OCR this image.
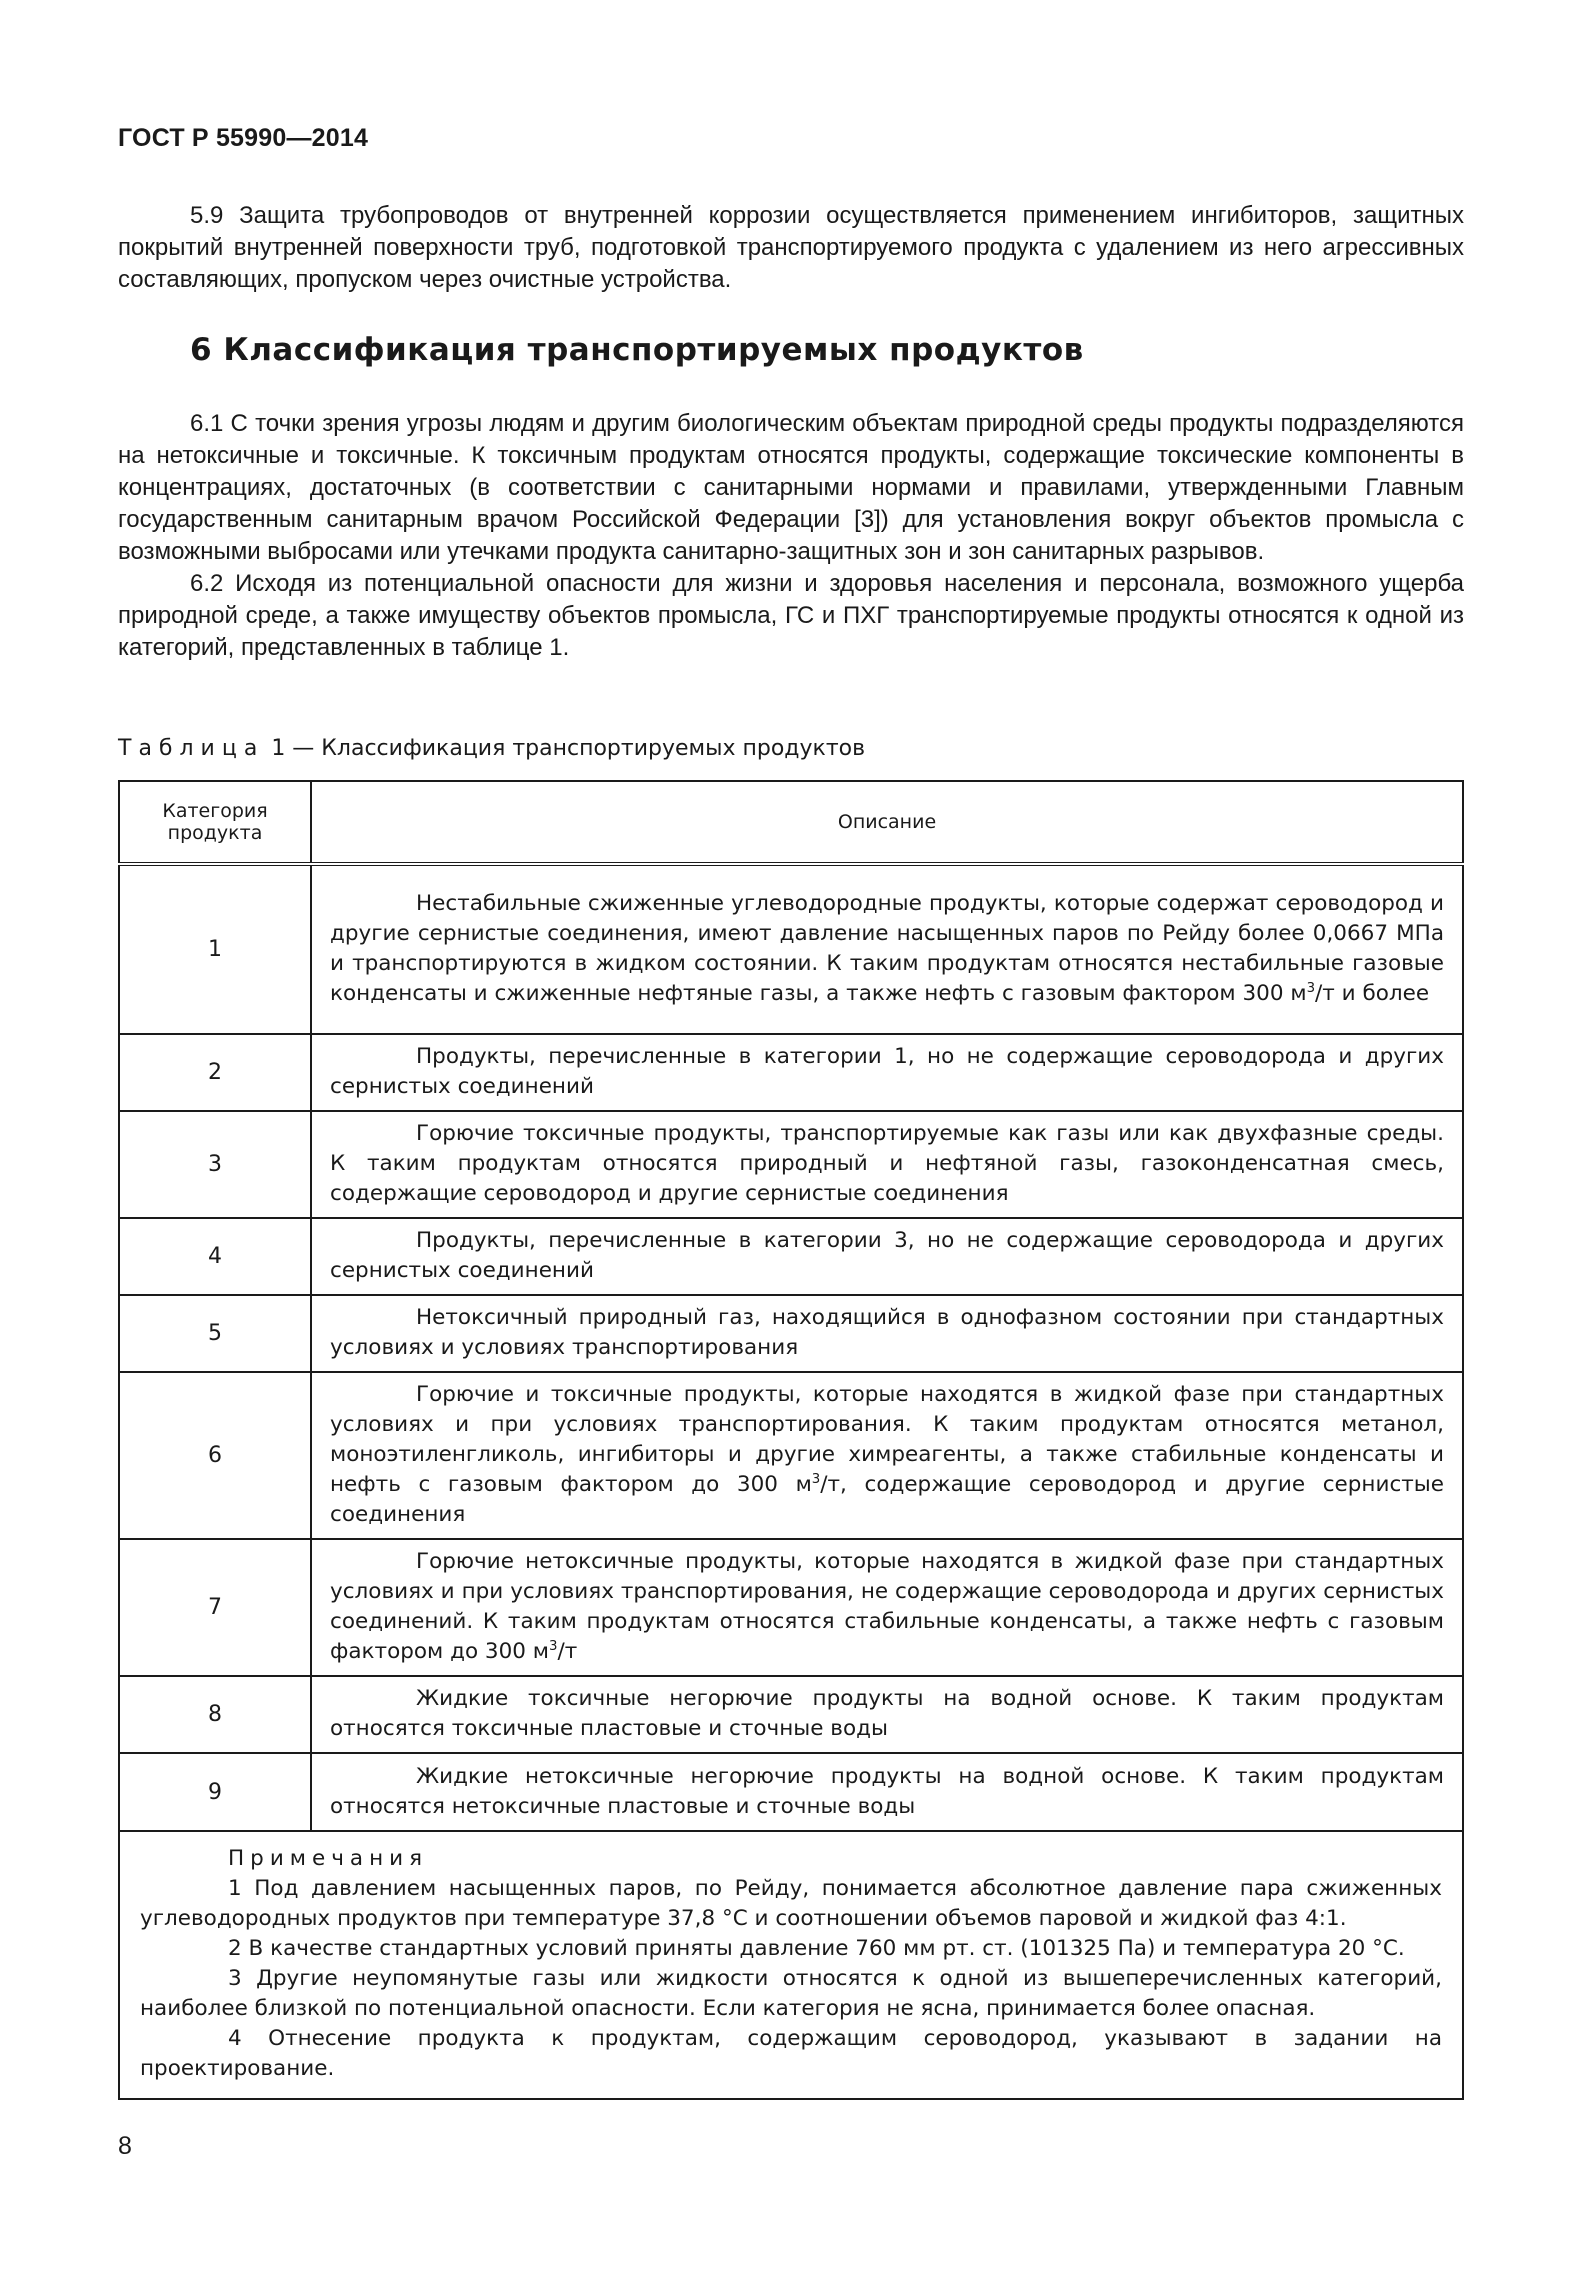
ГОСТ Р 55990—2014

5.9 Защита трубопроводов от внутренней коррозии осуществляется применением ингибиторов, защитных покрытий внутренней поверхности труб, подготовкой транспортируемого продукта с удалением из него агрессивных составляющих, пропуском через очистные устройства.

6 Классификация транспортируемых продуктов

6.1 С точки зрения угрозы людям и другим биологическим объектам природной среды продукты подразделяются на нетоксичные и токсичные. К токсичным продуктам относятся продукты, содержащие токсические компоненты в концентрациях, достаточных (в соответствии с санитарными нормами и правилами, утвержденными Главным государственным санитарным врачом Российской Федерации [3]) для установления вокруг объектов промысла с возможными выбросами или утечками продукта санитарно-защитных зон и зон санитарных разрывов.

6.2 Исходя из потенциальной опасности для жизни и здоровья населения и персонала, возможного ущерба природной среде, а также имуществу объектов промысла, ГС и ПХГ транспортируемые продукты относятся к одной из категорий, представленных в таблице 1.

Таблица 1 — Классификация транспортируемых продуктов
Категория продукта	Описание
1	Нестабильные сжиженные углеводородные продукты, которые содержат сероводород и другие сернистые соединения, имеют давление насыщенных паров по Рейду более 0,0667 МПа и транспортируются в жидком состоянии. К таким продуктам относятся нестабильные газовые конденсаты и сжиженные нефтяные газы, а также нефть с газовым фактором 300 $м^3/т$ и более

2	Продукты, перечисленные в категории 1, но не содержащие сероводорода и других сернистых соединений

3	Горючие токсичные продукты, транспортируемые как газы или как двухфазные среды. К таким продуктам относятся природный и нефтяной газы, газоконденсатная смесь, содержащие сероводород и другие сернистые соединения

4	Продукты, перечисленные в категории 3, но не содержащие сероводорода и других сернистых соединений

5	Нетоксичный природный газ, находящийся в однофазном состоянии при стандартных условиях и условиях транспортирования

6	Горючие и токсичные продукты, которые находятся в жидкой фазе при стандартных условиях и при условиях транспортирования. К таким продуктам относятся метанол, моноэтиленгликоль, ингибиторы и другие химреагенты, а также стабильные конденсаты и нефть с газовым фактором до 300 $м^3/т$, содержащие сероводород и другие сернистые соединения

7	Горючие нетоксичные продукты, которые находятся в жидкой фазе при стандартных условиях и при условиях транспортирования, не содержащие сероводорода и других сернистых соединений. К таким продуктам относятся стабильные конденсаты, а также нефть с газовым фактором до 300 $м^3/т$

8	Жидкие токсичные негорючие продукты на водной основе. К таким продуктам относятся токсичные пластовые и сточные воды

9	Жидкие нетоксичные негорючие продукты на водной основе. К таким продуктам относятся нетоксичные пластовые и сточные воды

Примечания
1 Под давлением насыщенных паров, по Рейду, понимается абсолютное давление пара сжиженных углеводородных продуктов при температуре 37,8 °С и соотношении объемов паровой и жидкой фаз 4:1.
2 В качестве стандартных условий приняты давление 760 мм рт. ст. (101325 Па) и температура 20 °С.
3 Другие неупомянутые газы или жидкости относятся к одной из вышеперечисленных категорий, наиболее близкой по потенциальной опасности. Если категория не ясна, принимается более опасная.
4 Отнесение продукта к продуктам, содержащим сероводород, указывают в задании на проектирование.	
8
